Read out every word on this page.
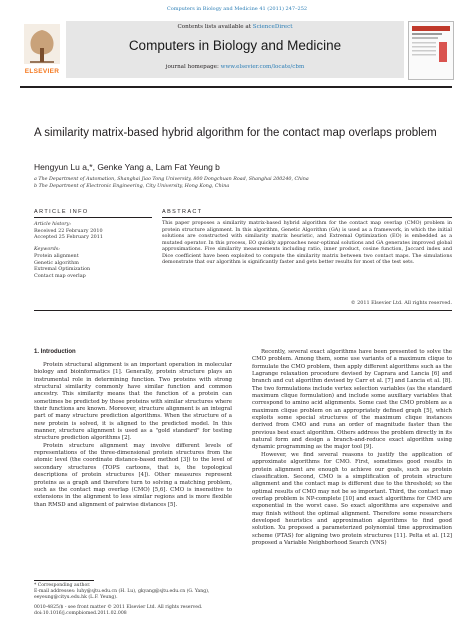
Computers in Biology and Medicine 41 (2011) 247–252
ELSEVIER
Contents lists available at ScienceDirect
Computers in Biology and Medicine
journal homepage: www.elsevier.com/locate/cbm
A similarity matrix-based hybrid algorithm for the contact map overlaps problem
Hengyun Lu a,*, Genke Yang a, Lam Fat Yeung b
a The Department of Automation, Shanghai Jiao Tong University, 800 Dongchuan Road, Shanghai 200240, China
b The Department of Electronic Engineering, City University, Hong Kong, China
ARTICLE INFO
Article history:
Received 22 February 2010
Accepted 25 February 2011
Keywords:
Protein alignment
Genetic algorithm
Extremal Optimization
Contact map overlap
ABSTRACT
This paper proposes a similarity matrix-based hybrid algorithm for the contact map overlap (CMO) problem in protein structure alignment. In this algorithm, Genetic Algorithm (GA) is used as a framework, in which the initial solutions are constructed with similarity matrix heuristic, and Extremal Optimization (EO) is embedded as a mutated operator. In this process, EO quickly approaches near-optimal solutions and GA generates improved global approximations. Five similarity measurements including ratio, inner product, cosine function, Jaccard index and Dice coefficient have been exploited to compute the similarity matrix between two contact maps. The simulations demonstrate that our algorithm is significantly faster and gets better results for most of the test sets.
© 2011 Elsevier Ltd. All rights reserved.
1. Introduction

Protein structural alignment is an important operation in molecular biology and bioinformatics [1]. Generally, protein structure plays an instrumental role in determining function. Two proteins with strong structural similarity commonly have similar function and common ancestry. This similarity means that the function of a protein can sometimes be predicted by those proteins with similar structures where their functions are known. Moreover, structure alignment is an integral part of many structure prediction algorithms. When the structure of a new protein is solved, it is aligned to the predicted model. In this manner, structure alignment is used as a "gold standard" for testing structure prediction algorithms [2].

Protein structure alignment may involve different levels of representations of the three-dimensional protein structures from the atomic level (the coordinate distance-based method [3]) to the level of secondary structures (TOPS cartoons, that is, the topological descriptions of protein structures [4]). Other measures represent proteins as a graph and therefore turn to solving a matching problem, such as the contact map overlap (CMO) [5,6]. CMO is insensitive to extensions in the alignment to less similar regions and is more flexible than RMSD and alignment of pairwise distances [5].

Recently, several exact algorithms have been presented to solve the CMO problem. Among them, some use variants of a maximum clique to formulate the CMO problem, then apply different algorithms such as the Lagrange relaxation procedure devised by Caprara and Lancia [6] and branch and cut algorithm devised by Carr et al. [7] and Lancia et al. [8]. The two formulations include vertex selection variables (as the standard maximum clique formulation) and include some auxiliary variables that correspond to amino acid alignments. Some cast the CMO problem as a maximum clique problem on an appropriately defined graph [5], which exploits some special structures of the maximum clique instances derived from CMO and runs an order of magnitude faster than the previous best exact algorithm. Others address the problem directly in its natural form and design a branch-and-reduce exact algorithm using dynamic programming as the major tool [9].

However, we find several reasons to justify the application of approximate algorithms for CMO. First, sometimes good results in protein alignment are enough to achieve our goals, such as protein classification. Second, CMO is a simplification of protein structure alignment and the contact map is different due to the threshold; so the optimal results of CMO may not be so important. Third, the contact map overlap problem is NP-complete [10] and exact algorithms for CMO are exponential in the worst case. So exact algorithms are expensive and may finish without the optimal alignment. Therefore some researchers developed heuristics and approximation algorithms to find good solution. Xu proposed a parameterized polynomial time approximation scheme (PTAS) for aligning two protein structures [11]. Pelta et al. [12] proposed a Variable Neighborhood Search (VNS)

* Corresponding author.
E-mail addresses: luhy@sjtu.edu.cn (H. Lu), gkyang@sjtu.edu.cn (G. Yang), eeyeung@cityu.edu.hk (L.F. Yeung).
0010-4825/$ - see front matter © 2011 Elsevier Ltd. All rights reserved.
doi:10.1016/j.compbiomed.2011.02.008
